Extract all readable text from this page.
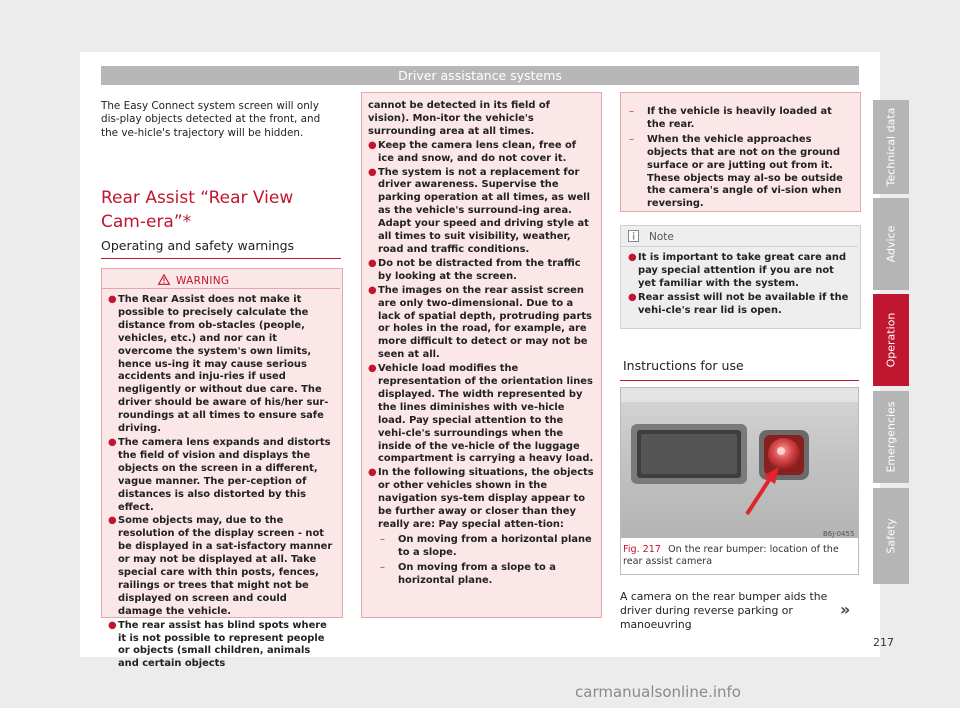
Driver assistance systems
The Easy Connect system screen will only dis-play objects detected at the front, and the ve-hicle's trajectory will be hidden.
Rear Assist “Rear View Cam-era”*
Operating and safety warnings
WARNING
● The Rear Assist does not make it possible to precisely calculate the distance from ob-stacles (people, vehicles, etc.) and nor can it overcome the system's own limits, hence us-ing it may cause serious accidents and inju-ries if used negligently or without due care. The driver should be aware of his/her sur-roundings at all times to ensure safe driving.
● The camera lens expands and distorts the field of vision and displays the objects on the screen in a different, vague manner. The per-ception of distances is also distorted by this effect.
● Some objects may, due to the resolution of the display screen - not be displayed in a sat-isfactory manner or may not be displayed at all. Take special care with thin posts, fences, railings or trees that might not be displayed on screen and could damage the vehicle.
● The rear assist has blind spots where it is not possible to represent people or objects (small children, animals and certain objects
cannot be detected in its field of vision). Mon-itor the vehicle's surrounding area at all times.
● Keep the camera lens clean, free of ice and snow, and do not cover it.
● The system is not a replacement for driver awareness. Supervise the parking operation at all times, as well as the vehicle's surround-ing area. Adapt your speed and driving style at all times to suit visibility, weather, road and traffic conditions.
● Do not be distracted from the traffic by looking at the screen.
● The images on the rear assist screen are only two-dimensional. Due to a lack of spatial depth, protruding parts or holes in the road, for example, are more difficult to detect or may not be seen at all.
● Vehicle load modifies the representation of the orientation lines displayed. The width represented by the lines diminishes with ve-hicle load. Pay special attention to the vehi-cle's surroundings when the inside of the ve-hicle of the luggage compartment is carrying a heavy load.
● In the following situations, the objects or other vehicles shown in the navigation sys-tem display appear to be further away or closer than they really are: Pay special atten-tion:
– On moving from a horizontal plane to a slope.
– On moving from a slope to a horizontal plane.
– If the vehicle is heavily loaded at the rear.
– When the vehicle approaches objects that are not on the ground surface or are jutting out from it. These objects may al-so be outside the camera's angle of vi-sion when reversing.
Note
● It is important to take great care and pay special attention if you are not yet familiar with the system.
● Rear assist will not be available if the vehi-cle's rear lid is open.
Instructions for use
B6J-0455
Fig. 217 On the rear bumper: location of the rear assist camera
A camera on the rear bumper aids the driver during reverse parking or manoeuvring
»
Technical data
Advice
Operation
Emergencies
Safety
217
carmanualsonline.info
